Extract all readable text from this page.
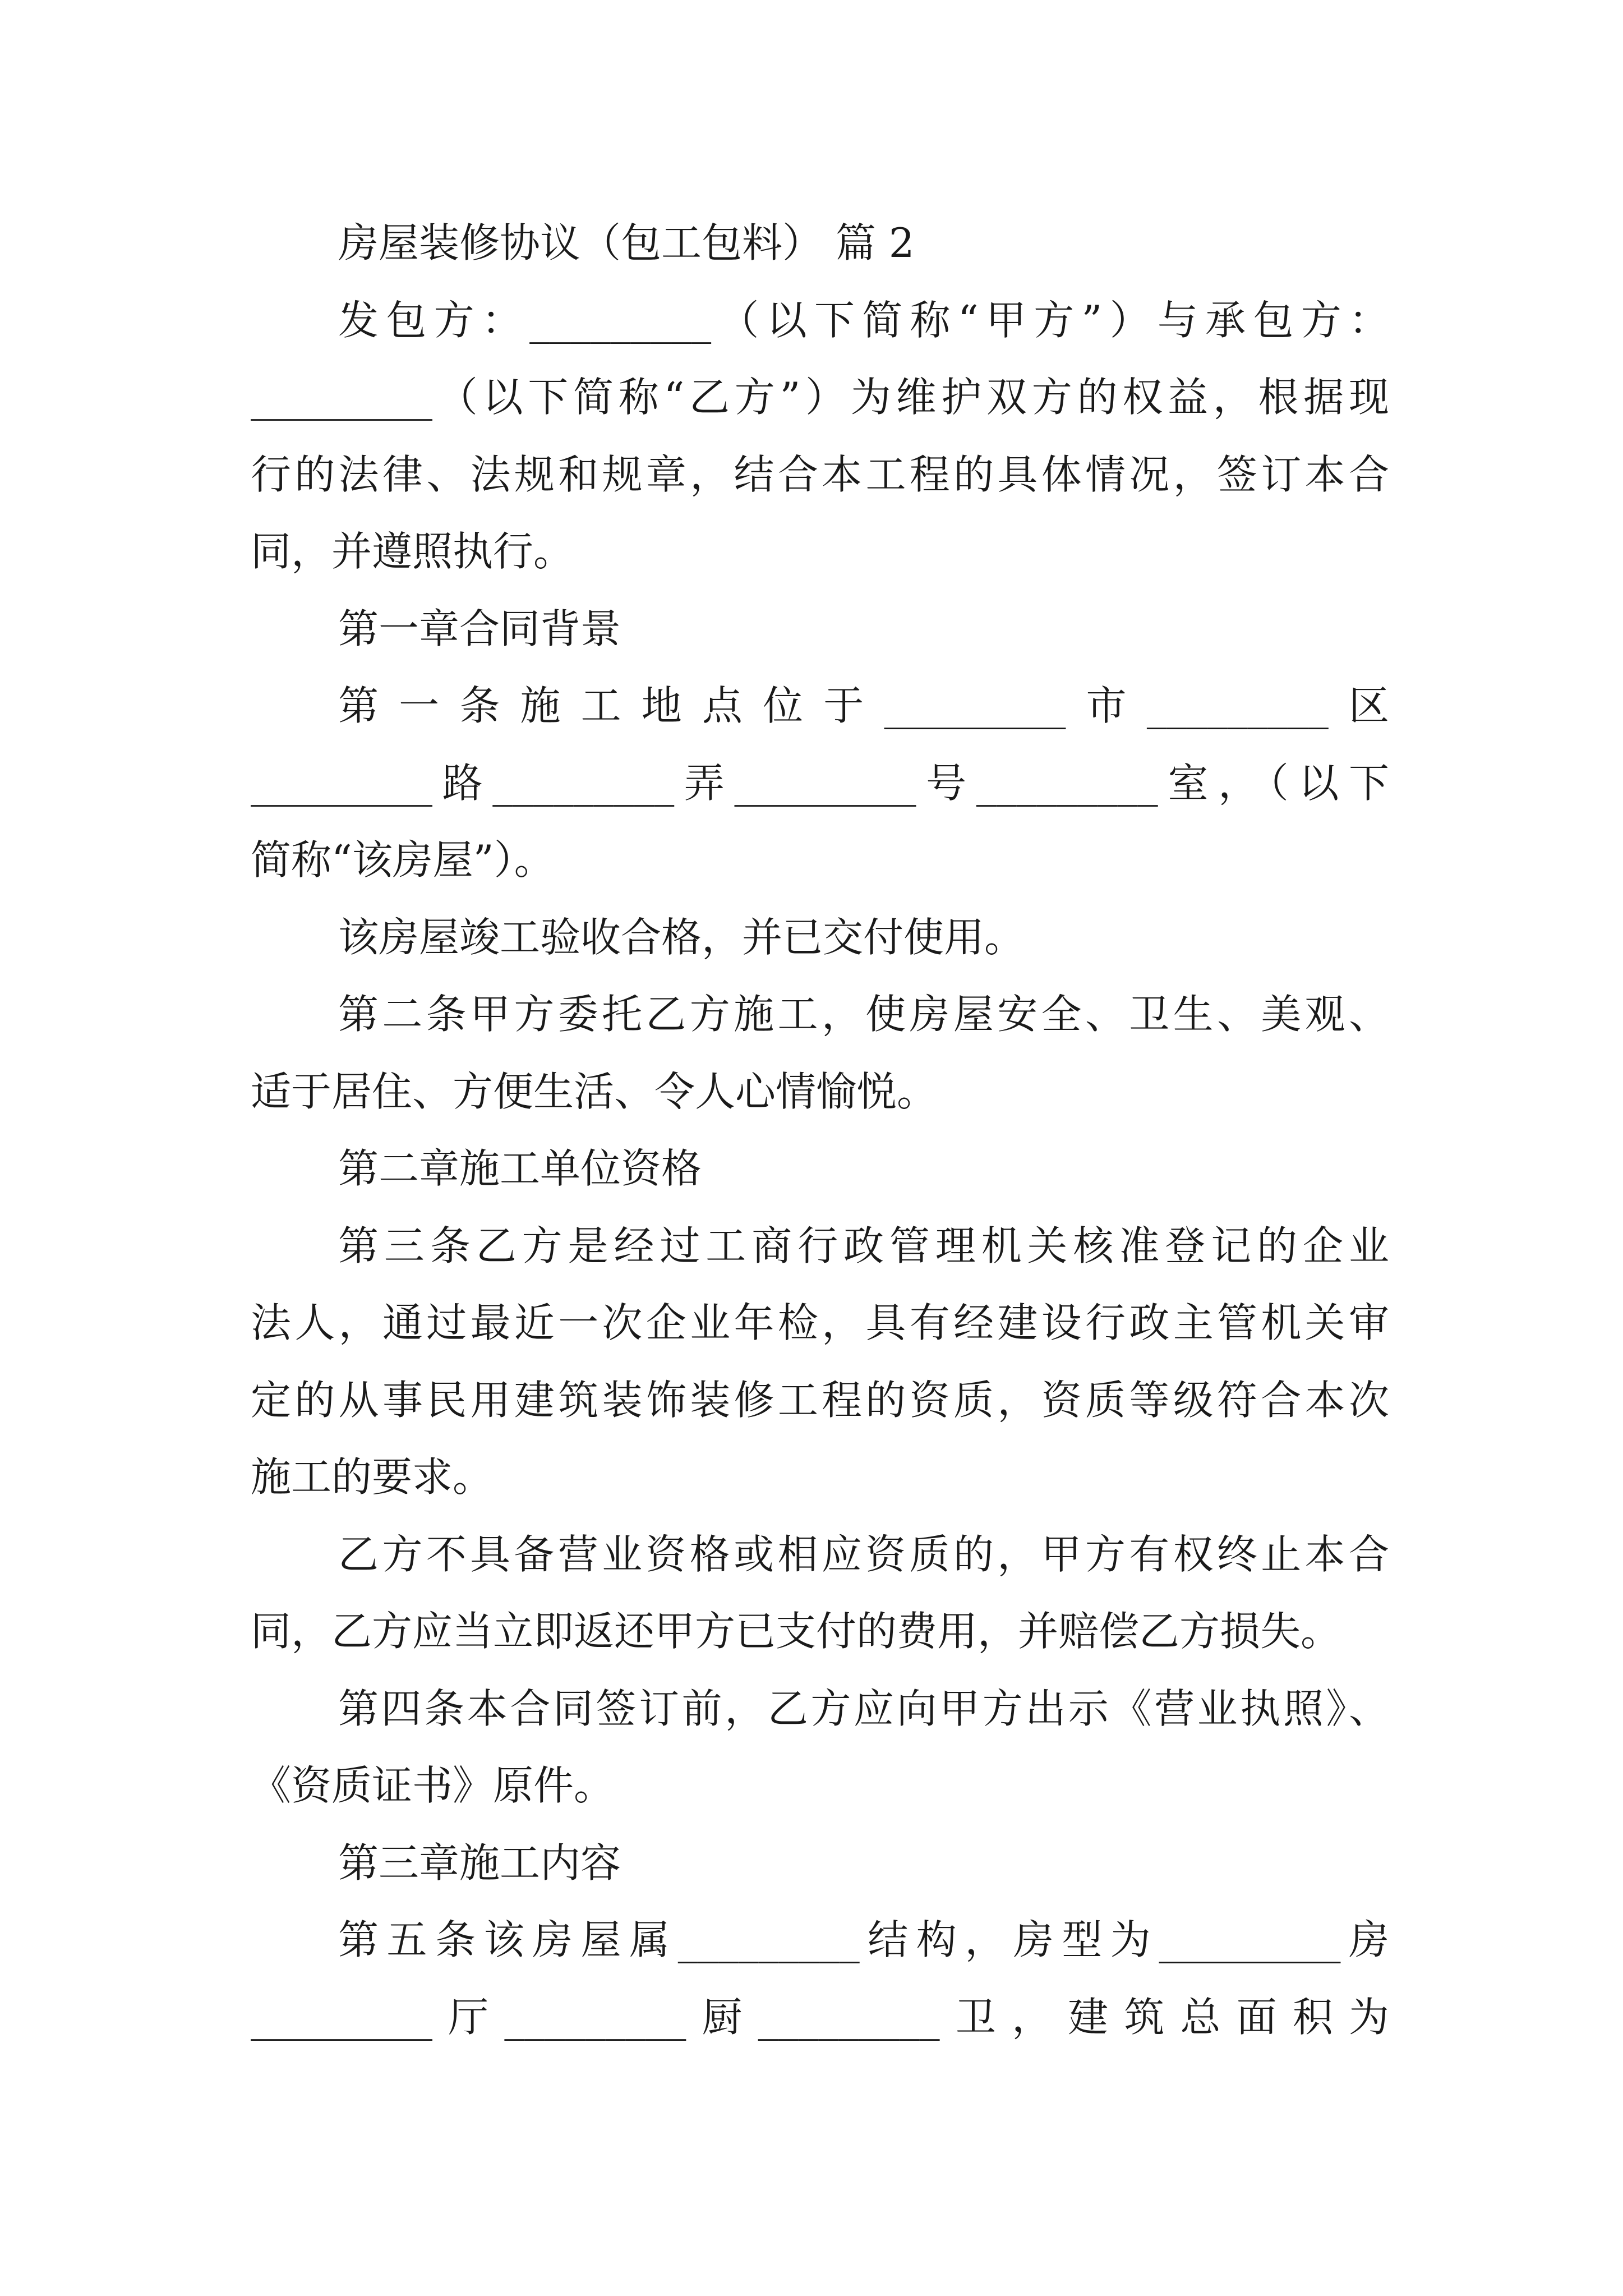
房屋装修协议（包工包料） 篇 2
发包方：_________（以下简称“甲方”）与承包方：
_________（以下简称“乙方”）为维护双方的权益，根据现
行的法律、法规和规章，结合本工程的具体情况，签订本合
同，并遵照执行。
第一章合同背景
第一条施工地点位于_________市_________区
_________路_________弄_________号_________室，（以下
简称“该房屋”）。
该房屋竣工验收合格，并已交付使用。
第二条甲方委托乙方施工，使房屋安全、卫生、美观、
适于居住、方便生活、令人心情愉悦。
第二章施工单位资格
第三条乙方是经过工商行政管理机关核准登记的企业
法人，通过最近一次企业年检，具有经建设行政主管机关审
定的从事民用建筑装饰装修工程的资质，资质等级符合本次
施工的要求。
乙方不具备营业资格或相应资质的，甲方有权终止本合
同，乙方应当立即返还甲方已支付的费用，并赔偿乙方损失。
第四条本合同签订前，乙方应向甲方出示《营业执照》、
《资质证书》原件。
第三章施工内容
第五条该房屋属_________结构，房型为_________房
_________厅_________厨_________卫，建筑总面积为
